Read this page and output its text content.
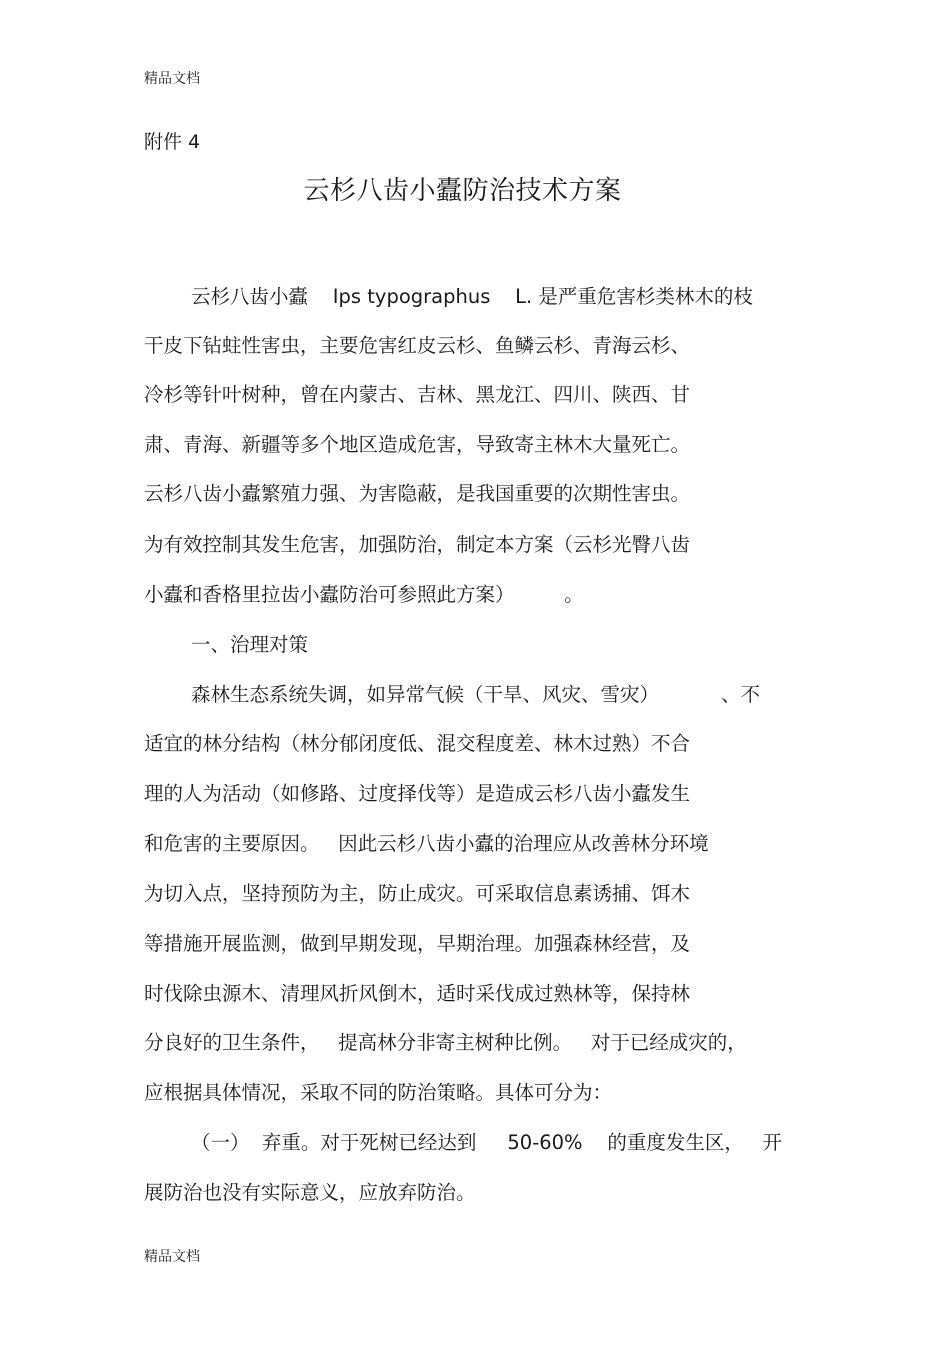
精品文档
附件 4
云杉八齿小蠹防治技术方案
云杉八齿小蠹    Ips typographus    L. 是严重危害杉类林木的枝
干皮下钻蛀性害虫，主要危害红皮云杉、鱼鳞云杉、青海云杉、
冷杉等针叶树种，曾在内蒙古、吉林、黑龙江、四川、陕西、甘
肃、青海、新疆等多个地区造成危害，导致寄主林木大量死亡。
云杉八齿小蠹繁殖力强、为害隐蔽，是我国重要的次期性害虫。
为有效控制其发生危害，加强防治，制定本方案（云杉光臀八齿
小蠹和香格里拉齿小蠹防治可参照此方案）        。
一、治理对策
森林生态系统失调，如异常气候（干旱、风灾、雪灾）          、不
适宜的林分结构（林分郁闭度低、混交程度差、林木过熟）不合
理的人为活动（如修路、过度择伐等）是造成云杉八齿小蠹发生
和危害的主要原因。   因此云杉八齿小蠹的治理应从改善林分环境
为切入点，坚持预防为主，防止成灾。可采取信息素诱捕、饵木
等措施开展监测，做到早期发现，早期治理。加强森林经营，及
时伐除虫源木、清理风折风倒木，适时采伐成过熟林等，保持林
分良好的卫生条件，   提高林分非寄主树种比例。   对于已经成灾的，
应根据具体情况，采取不同的防治策略。具体可分为：
（一）  弃重。对于死树已经达到     50-60%    的重度发生区，   开
展防治也没有实际意义，应放弃防治。
精品文档
